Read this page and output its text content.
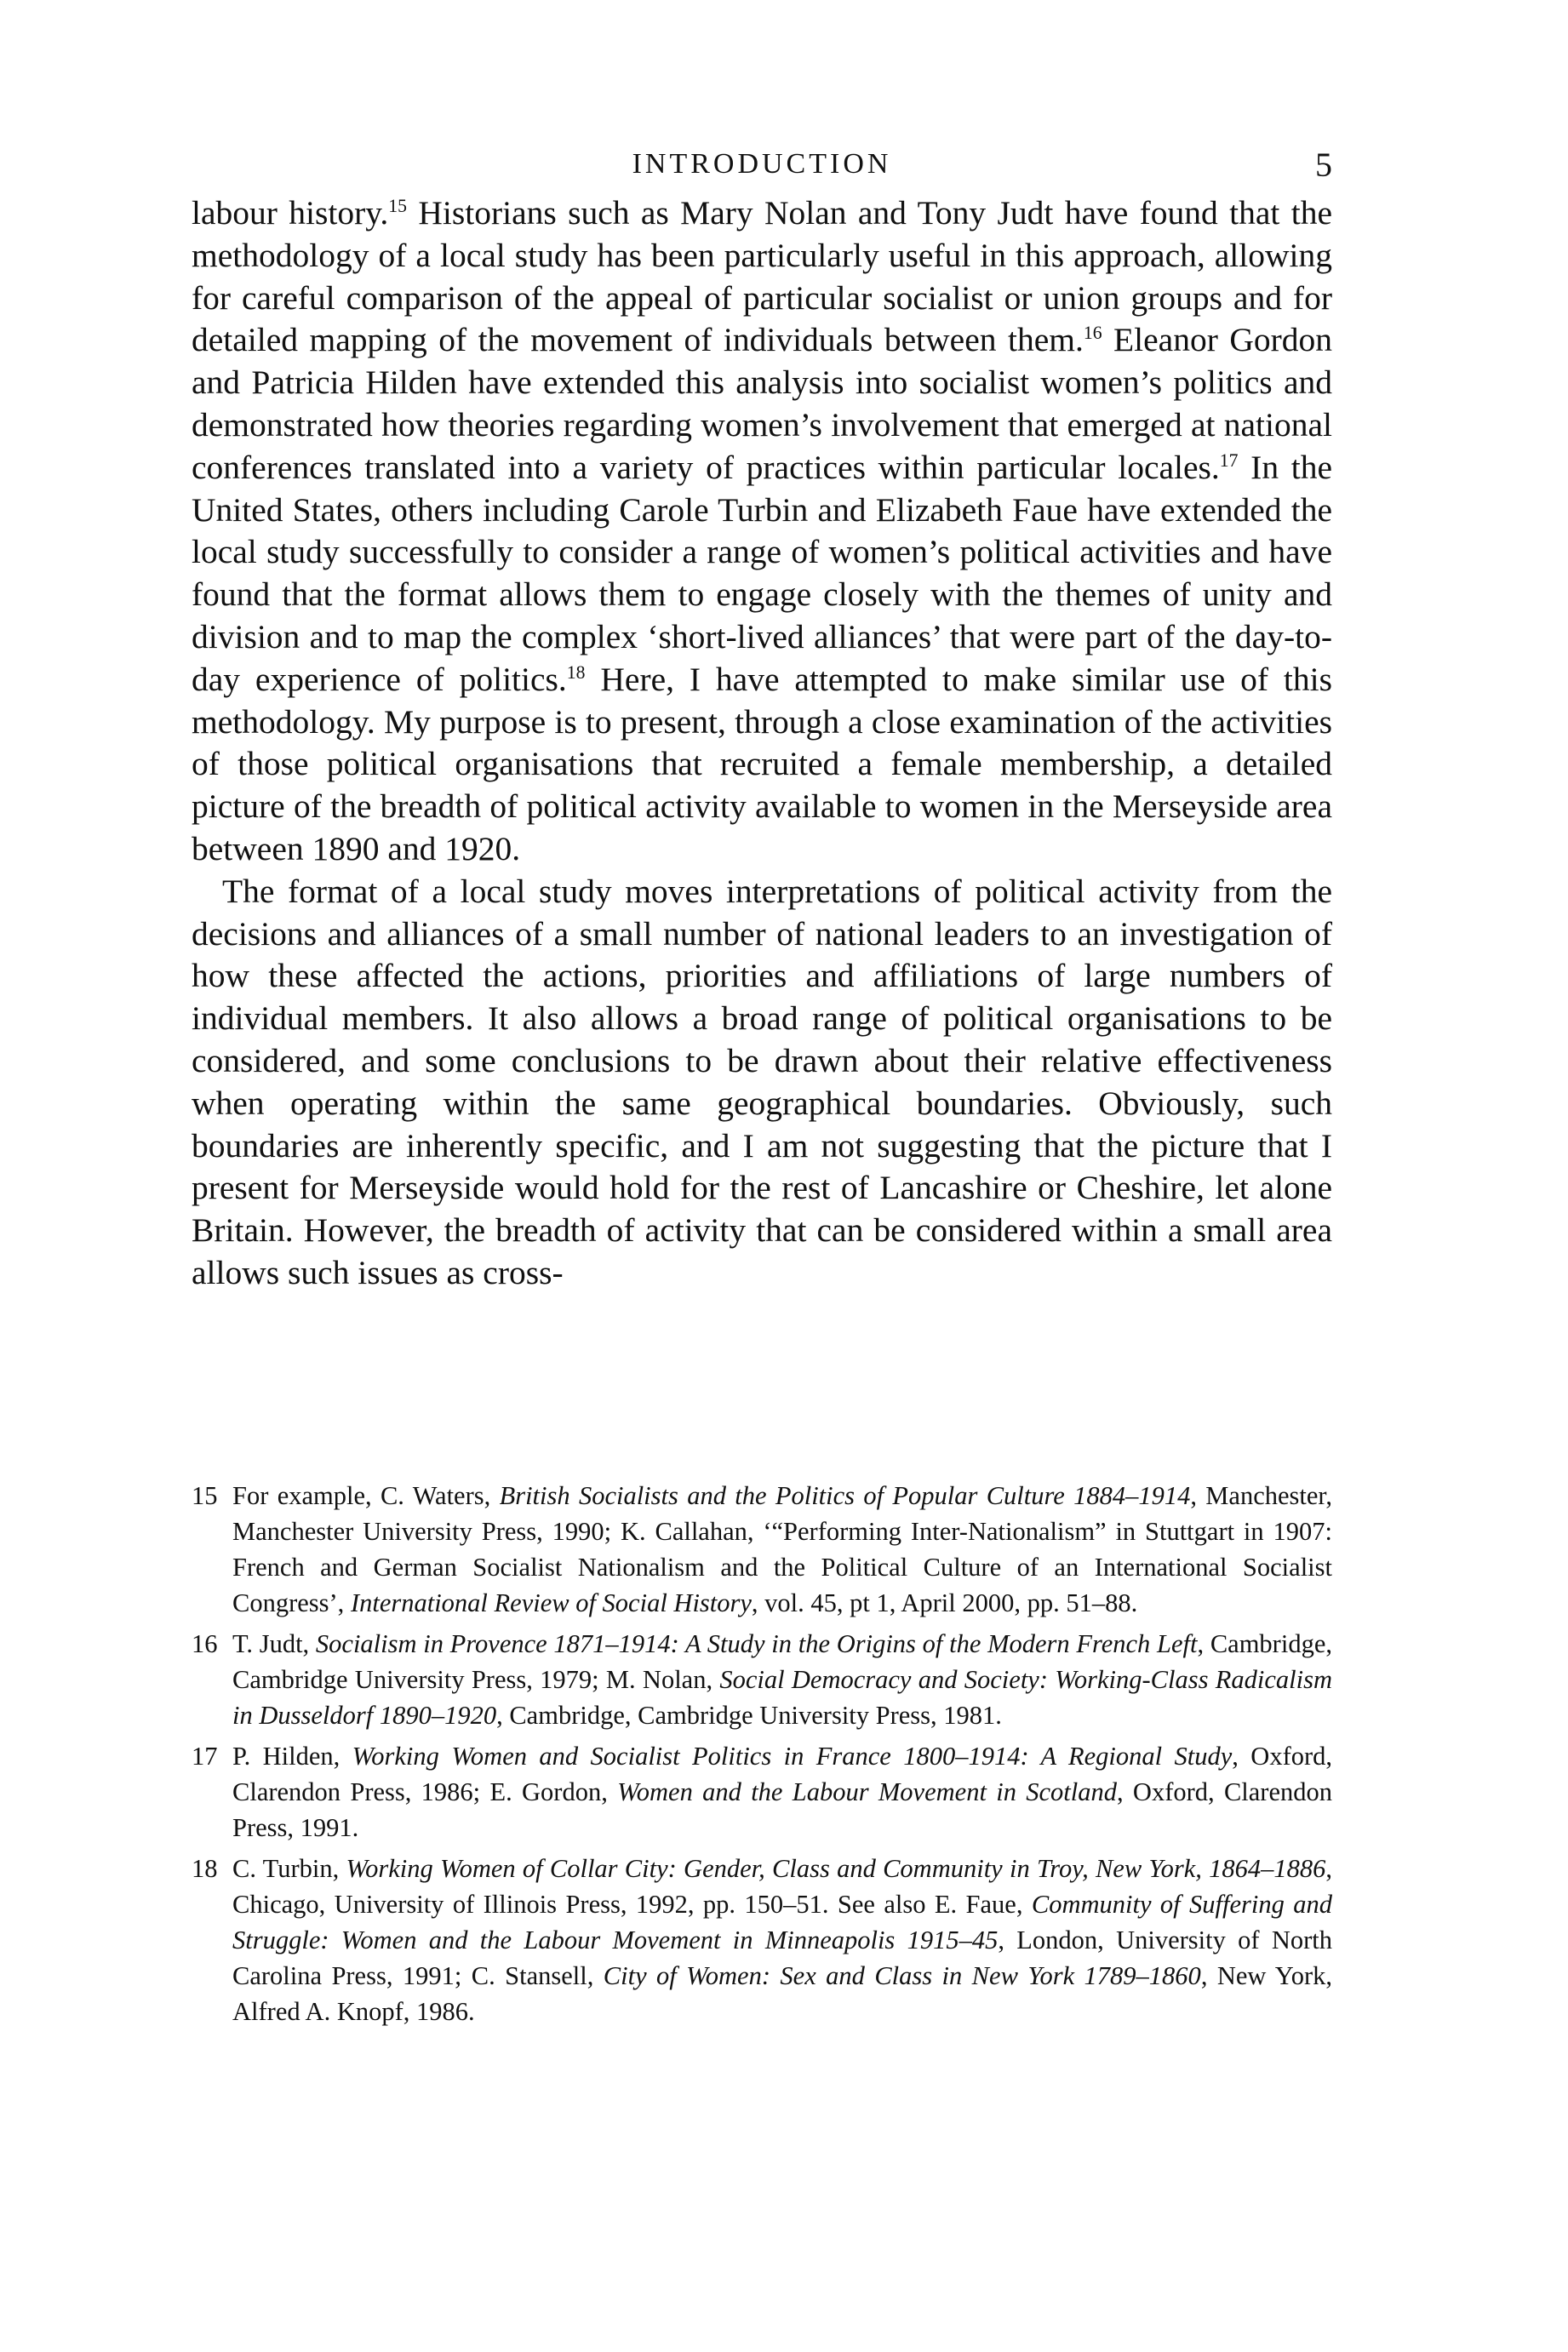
INTRODUCTION	5

labour history.$^{15}$ Historians such as Mary Nolan and Tony Judt have found that the methodology of a local study has been particularly useful in this approach, allowing for careful comparison of the appeal of particular socialist or union groups and for detailed mapping of the movement of individuals between them.$^{16}$ Eleanor Gordon and Patricia Hilden have extended this analysis into socialist women’s politics and demonstrated how theories regarding women’s involvement that emerged at national conferences translated into a variety of practices within particular locales.$^{17}$ In the United States, others including Carole Turbin and Elizabeth Faue have extended the local study successfully to consider a range of women’s political activities and have found that the format allows them to engage closely with the themes of unity and division and to map the complex ‘short-lived alliances’ that were part of the day-to-day experience of politics.$^{18}$ Here, I have attempted to make similar use of this methodology. My purpose is to present, through a close examination of the activities of those political organisations that recruited a female membership, a detailed picture of the breadth of political activity available to women in the Merseyside area between 1890 and 1920.

The format of a local study moves interpretations of political activity from the decisions and alliances of a small number of national leaders to an investigation of how these affected the actions, priorities and affiliations of large numbers of individual members. It also allows a broad range of political organisations to be considered, and some conclusions to be drawn about their relative effectiveness when operating within the same geographical boundaries. Obviously, such boundaries are inherently specific, and I am not suggesting that the picture that I present for Merseyside would hold for the rest of Lancashire or Cheshire, let alone Britain. However, the breadth of activity that can be considered within a small area allows such issues as cross-

15 For example, C. Waters, British Socialists and the Politics of Popular Culture 1884–1914, Manchester, Manchester University Press, 1990; K. Callahan, ‘“Performing Inter-Nationalism” in Stuttgart in 1907: French and German Socialist Nationalism and the Political Culture of an International Socialist Congress’, International Review of Social History, vol. 45, pt 1, April 2000, pp. 51–88.
16 T. Judt, Socialism in Provence 1871–1914: A Study in the Origins of the Modern French Left, Cambridge, Cambridge University Press, 1979; M. Nolan, Social Democracy and Society: Working-Class Radicalism in Dusseldorf 1890–1920, Cambridge, Cambridge University Press, 1981.
17 P. Hilden, Working Women and Socialist Politics in France 1800–1914: A Regional Study, Oxford, Clarendon Press, 1986; E. Gordon, Women and the Labour Movement in Scotland, Oxford, Clarendon Press, 1991.
18 C. Turbin, Working Women of Collar City: Gender, Class and Community in Troy, New York, 1864–1886, Chicago, University of Illinois Press, 1992, pp. 150–51. See also E. Faue, Community of Suffering and Struggle: Women and the Labour Movement in Minneapolis 1915–45, London, University of North Carolina Press, 1991; C. Stansell, City of Women: Sex and Class in New York 1789–1860, New York, Alfred A. Knopf, 1986.
